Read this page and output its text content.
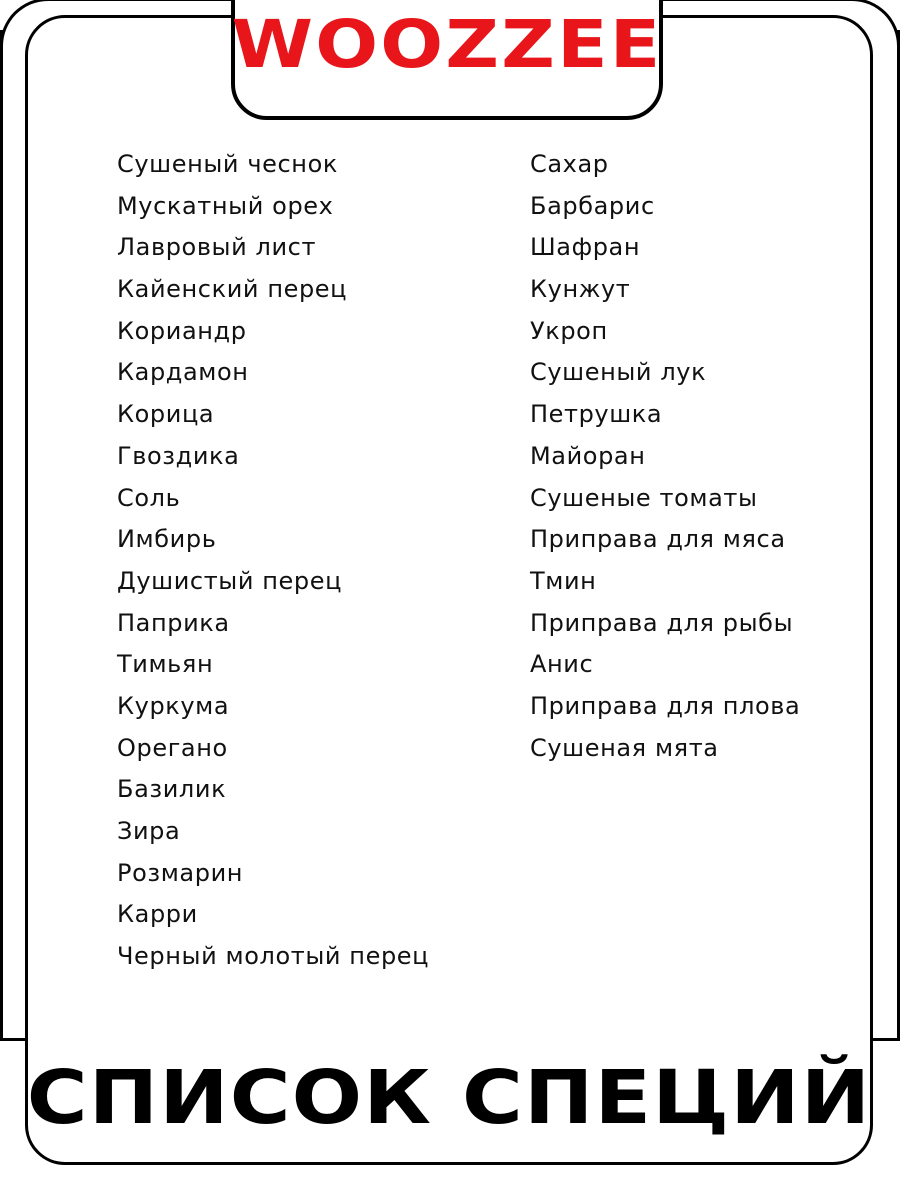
WOOZZEE
Сушеный чеснок
Мускатный орех
Лавровый лист
Кайенский перец
Кориандр
Кардамон
Корица
Гвоздика
Соль
Имбирь
Душистый перец
Паприка
Тимьян
Куркума
Орегано
Базилик
Зира
Розмарин
Карри
Черный молотый перец
Сахар
Барбарис
Шафран
Кунжут
Укроп
Сушеный лук
Петрушка
Майоран
Сушеные томаты
Приправа для мяса
Тмин
Приправа для рыбы
Анис
Приправа для плова
Сушеная мята
СПИСОК СПЕЦИЙ
